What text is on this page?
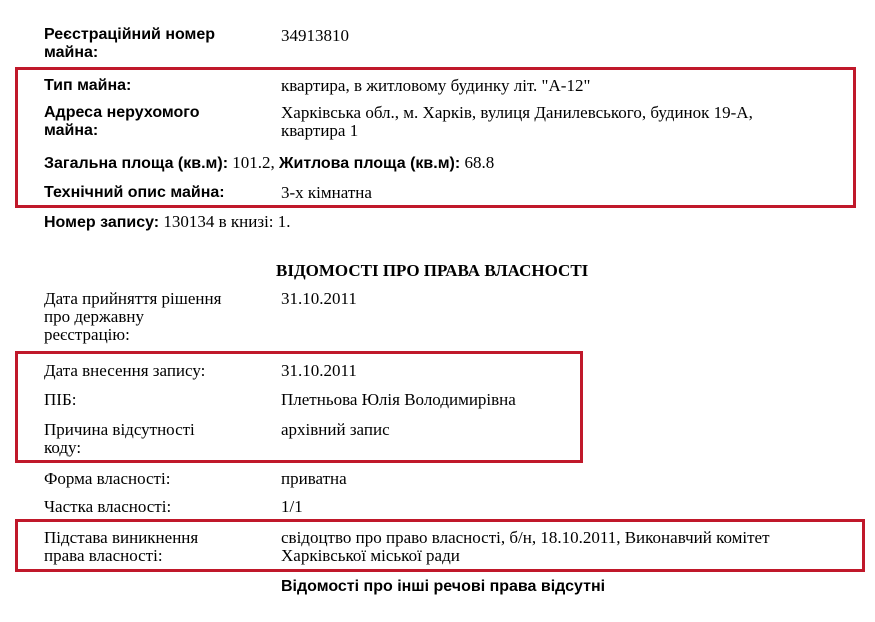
Реєстраційний номер
майна:
34913810
Тип майна:	квартира, в житловому будинку літ. "А-12"
Адреса нерухомого
майна:
Харківська обл., м. Харків, вулиця Данилевського, будинок 19-А,
квартира 1
Загальна площа (кв.м): 101.2, Житлова площа (кв.м): 68.8
Технічний опис майна:	3-х кімнатна
Номер запису: 130134 в книзі: 1.
ВІДОМОСТІ ПРО ПРАВА ВЛАСНОСТІ
Дата прийняття рішення
про державну
реєстрацію:
31.10.2011
Дата внесення запису:	31.10.2011
ПІБ:	Плетньова Юлія Володимирівна
Причина відсутності
коду:
архівний запис
Форма власності:	приватна
Частка власності:	1/1
Підстава виникнення
права власності:
свідоцтво про право власності, б/н, 18.10.2011, Виконавчий комітет
Харківської міської ради
Відомості про інші речові права відсутні
